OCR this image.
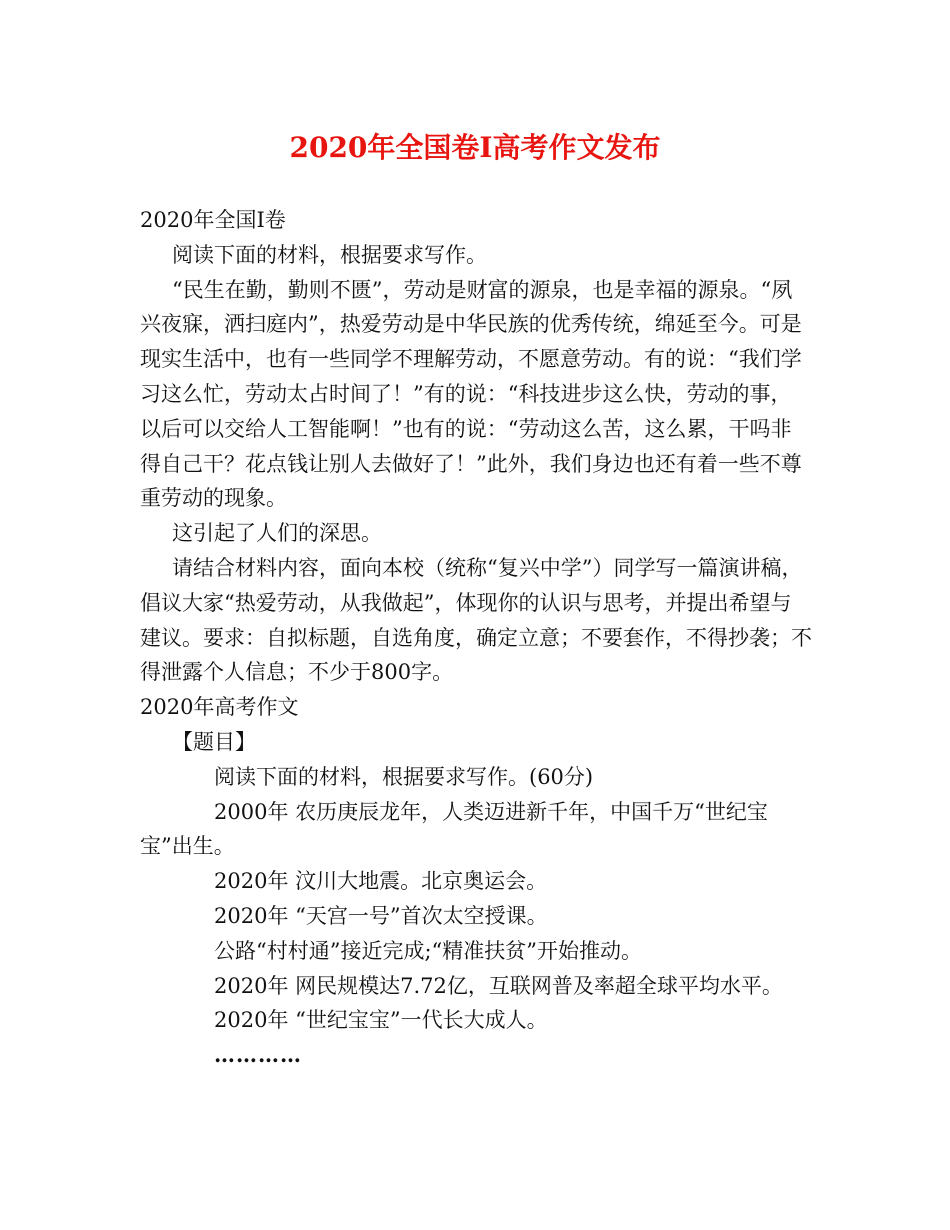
2020年全国卷Ⅰ高考作文发布

2020年全国Ⅰ卷

阅读下面的材料，根据要求写作。

“民生在勤，勤则不匮”，劳动是财富的源泉，也是幸福的源泉。“夙兴夜寐，洒扫庭内”，热爱劳动是中华民族的优秀传统，绵延至今。可是现实生活中，也有一些同学不理解劳动，不愿意劳动。有的说：“我们学习这么忙，劳动太占时间了！”有的说：“科技进步这么快，劳动的事，以后可以交给人工智能啊！”也有的说：“劳动这么苦，这么累，干吗非得自己干？花点钱让别人去做好了！”此外，我们身边也还有着一些不尊重劳动的现象。

这引起了人们的深思。

请结合材料内容，面向本校（统称“复兴中学”）同学写一篇演讲稿，倡议大家“热爱劳动，从我做起”，体现你的认识与思考，并提出希望与建议。要求：自拟标题，自选角度，确定立意；不要套作，不得抄袭；不得泄露个人信息；不少于800字。

2020年高考作文

【题目】

阅读下面的材料，根据要求写作。(60分)

2000年 农历庚辰龙年，人类迈进新千年，中国千万“世纪宝宝”出生。

2020年 汶川大地震。北京奥运会。

2020年 “天宫一号”首次太空授课。

公路“村村通”接近完成;“精准扶贫”开始推动。

2020年 网民规模达7.72亿，互联网普及率超全球平均水平。

2020年 “世纪宝宝”一代长大成人。

…………
